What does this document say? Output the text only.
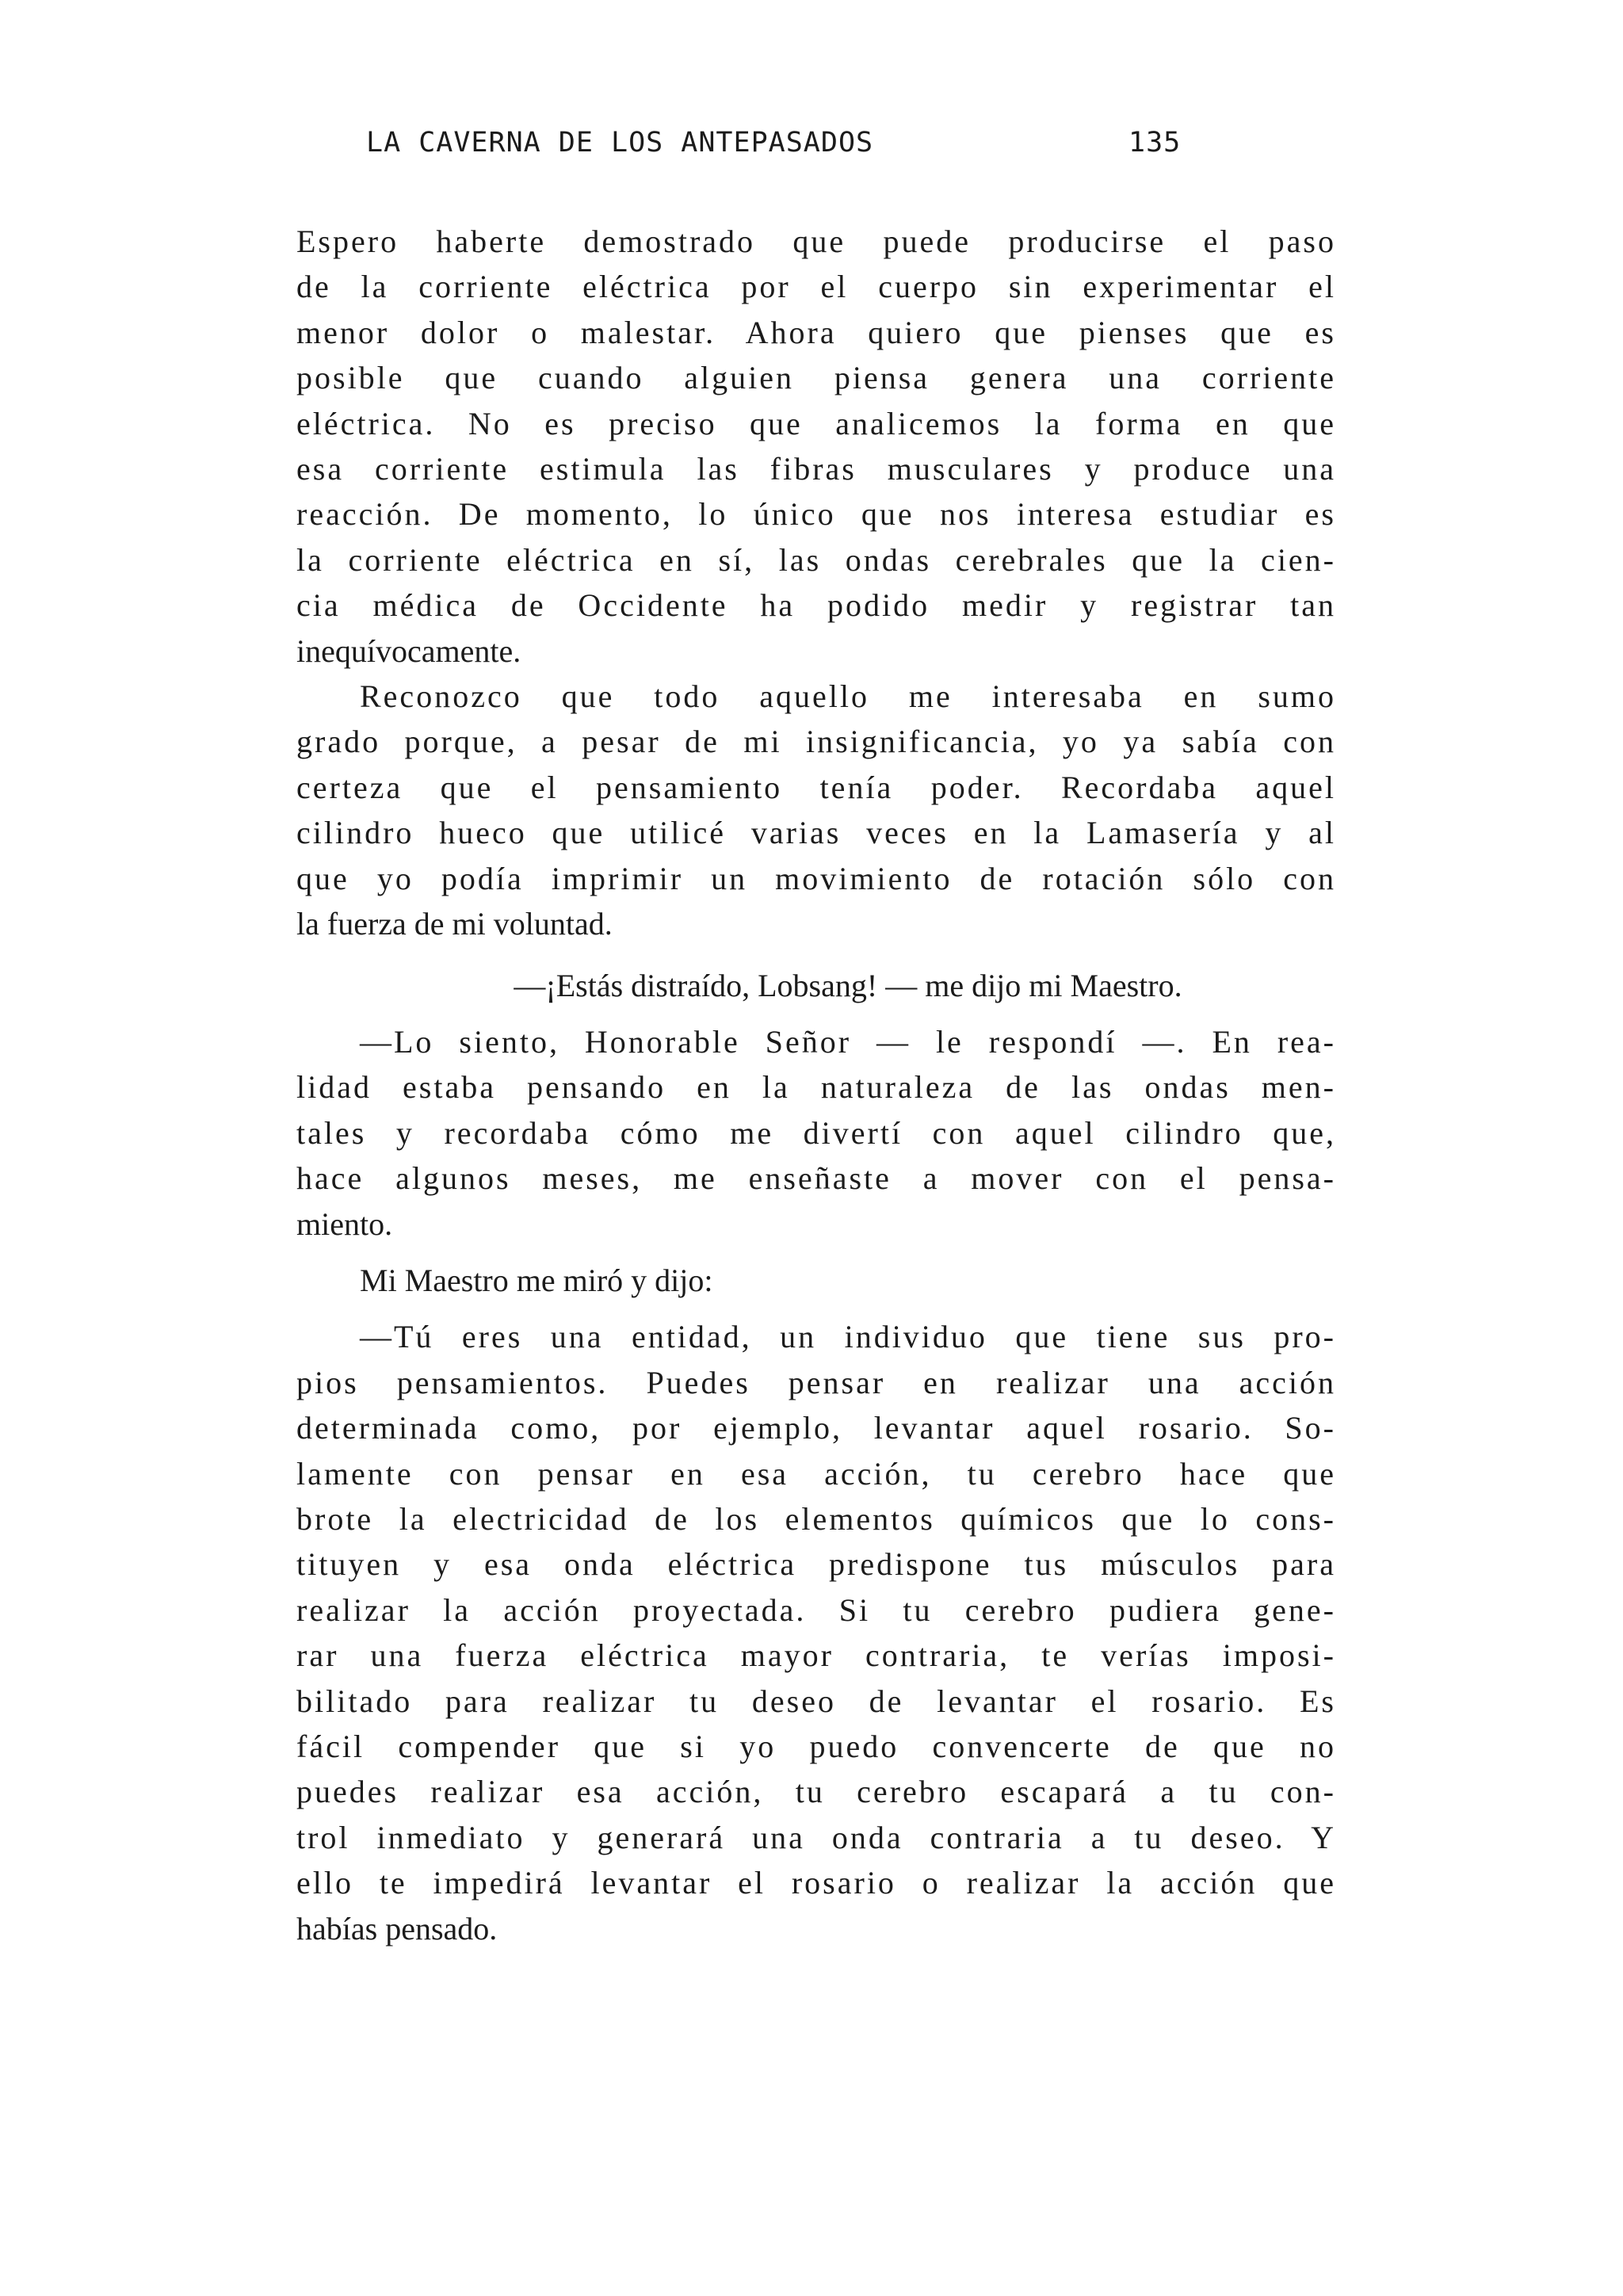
LA CAVERNA DE LOS ANTEPASADOS	135

Espero haberte demostrado que puede producirse el paso
de la corriente eléctrica por el cuerpo sin experimentar el
menor dolor o malestar. Ahora quiero que pienses que es
posible que cuando alguien piensa genera una corriente
eléctrica. No es preciso que analicemos la forma en que
esa corriente estimula las fibras musculares y produce una
reacción. De momento, lo único que nos interesa estudiar es
la corriente eléctrica en sí, las ondas cerebrales que la cien-
cia médica de Occidente ha podido medir y registrar tan
inequívocamente.

Reconozco que todo aquello me interesaba en sumo
grado porque, a pesar de mi insignificancia, yo ya sabía con
certeza que el pensamiento tenía poder. Recordaba aquel
cilindro hueco que utilicé varias veces en la Lamasería y al
que yo podía imprimir un movimiento de rotación sólo con
la fuerza de mi voluntad.

—¡Estás distraído, Lobsang! — me dijo mi Maestro.

—Lo siento, Honorable Señor — le respondí —. En rea-
lidad estaba pensando en la naturaleza de las ondas men-
tales y recordaba cómo me divertí con aquel cilindro que,
hace algunos meses, me enseñaste a mover con el pensa-
miento.

Mi Maestro me miró y dijo:

—Tú eres una entidad, un individuo que tiene sus pro-
pios pensamientos. Puedes pensar en realizar una acción
determinada como, por ejemplo, levantar aquel rosario. So-
lamente con pensar en esa acción, tu cerebro hace que
brote la electricidad de los elementos químicos que lo cons-
tituyen y esa onda eléctrica predispone tus músculos para
realizar la acción proyectada. Si tu cerebro pudiera gene-
rar una fuerza eléctrica mayor contraria, te verías imposi-
bilitado para realizar tu deseo de levantar el rosario. Es
fácil compender que si yo puedo convencerte de que no
puedes realizar esa acción, tu cerebro escapará a tu con-
trol inmediato y generará una onda contraria a tu deseo. Y
ello te impedirá levantar el rosario o realizar la acción que
habías pensado.
